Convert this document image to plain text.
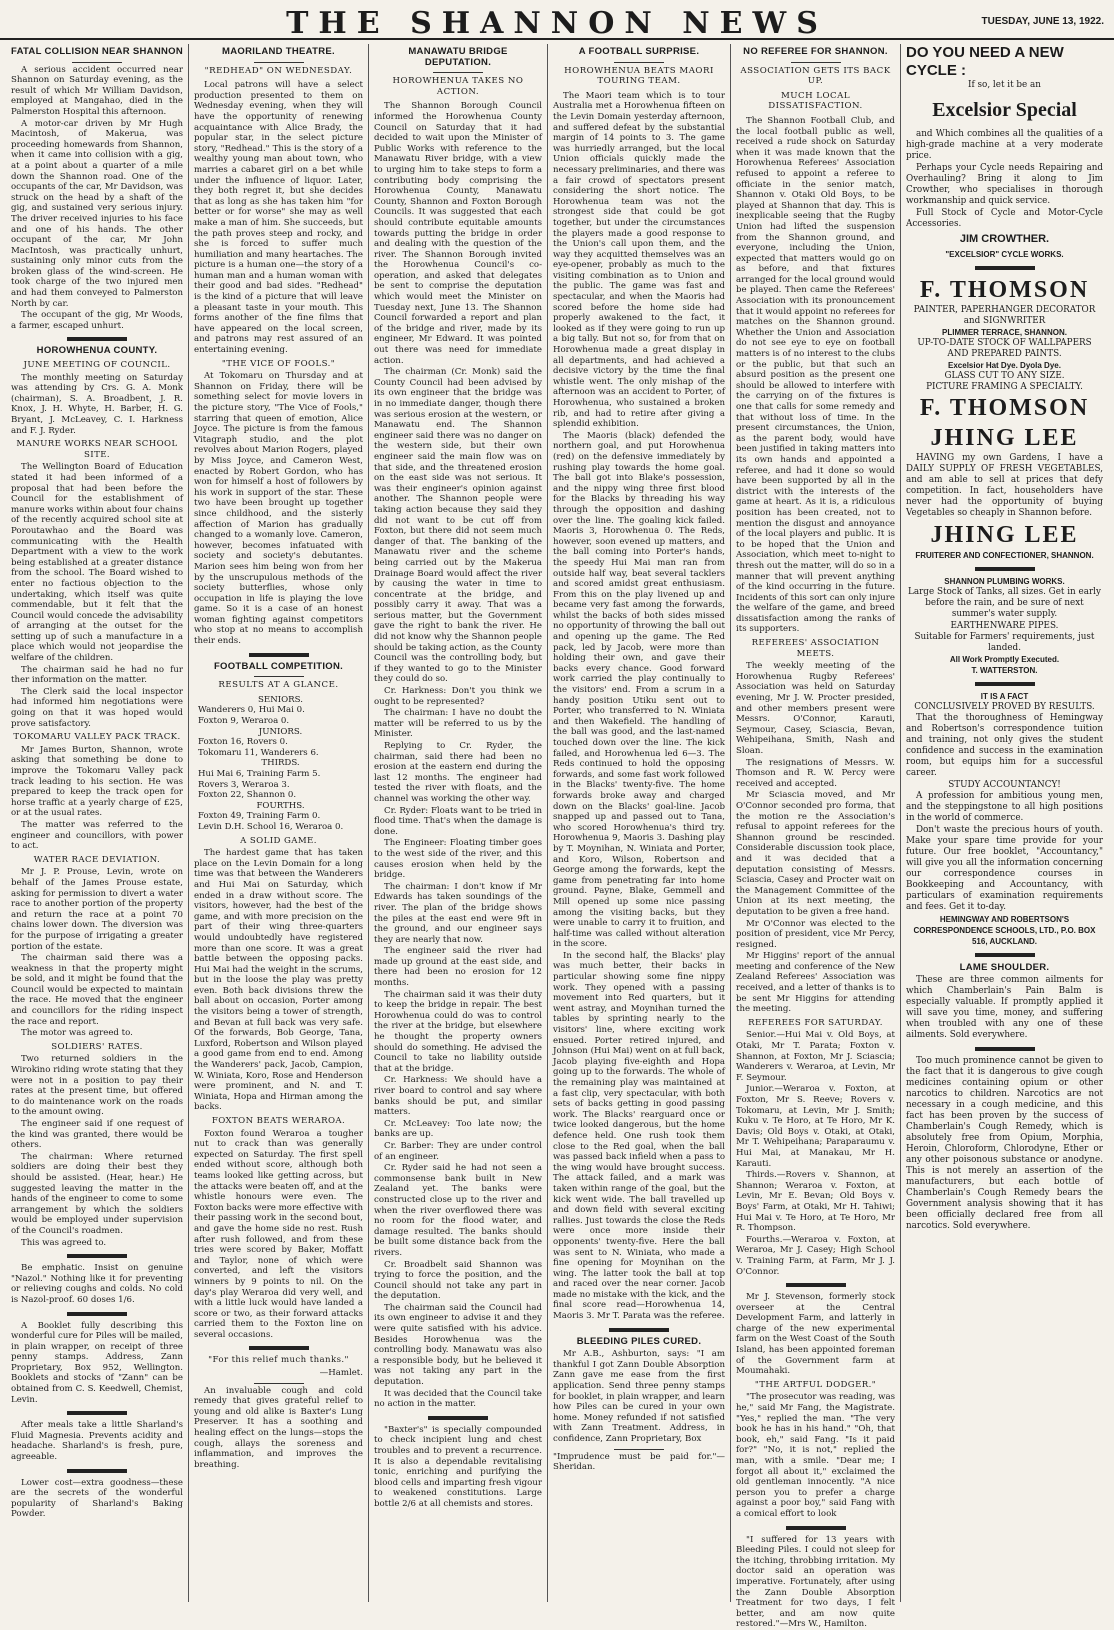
THE SHANNON NEWS	TUESDAY, JUNE 13, 1922.
FATAL COLLISION NEAR SHANNON

A serious accident occurred near Shannon on Saturday evening, as the result of which Mr William Davidson, employed at Mangahao, died in the Palmerston Hospital this afternoon.

A motor-car driven by Mr Hugh Macintosh, of Makerua, was proceeding homewards from Shannon, when it came into collision with a gig, at a point about a quarter of a mile down the Shannon road. One of the occupants of the car, Mr Davidson, was struck on the head by a shaft of the gig, and sustained very serious injury. The driver received injuries to his face and one of his hands. The other occupant of the car, Mr John MacIntosh, was practically unhurt, sustaining only minor cuts from the broken glass of the wind-screen. He took charge of the two injured men and had them conveyed to Palmerston North by car.

The occupant of the gig, Mr Woods, a farmer, escaped unhurt.

HOROWHENUA COUNTY.
JUNE MEETING OF COUNCIL.

The monthly meeting on Saturday was attending by Crs. G. A. Monk (chairman), S. A. Broadbent, J. R. Knox, J. H. Whyte, H. Barber, H. G. Bryant, J. McLeavey, C. I. Harkness and F. J. Ryder.

MANURE WORKS NEAR SCHOOL SITE.

The Wellington Board of Education stated it had been informed of a proposal that had been before the Council for the establishment of manure works within about four chains of the recently acquired school site at Poroutawhao and the Board was communicating with the Health Department with a view to the work being established at a greater distance from the school. The Board wished to enter no factious objection to the undertaking, which itself was quite commendable, but it felt that the Council would concede the advisability of arranging at the outset for the setting up of such a manufacture in a place which would not jeopardise the welfare of the children.

The chairman said he had no fur ther information on the matter.

The Clerk said the local inspector had informed him negotiations were going on that it was hoped would prove satisfactory.

TOKOMARU VALLEY PACK TRACK.

Mr James Burton, Shannon, wrote asking that something be done to improve the Tokomaru Valley pack track leading to his section. He was prepared to keep the track open for horse traffic at a yearly charge of £25, or at the usual rates.

The matter was referred to the engineer and councillors, with power to act.

WATER RACE DEVIATION.

Mr J. P. Prouse, Levin, wrote on behalf of the James Prouse estate, asking for permission to divert a water race to another portion of the property and return the race at a point 70 chains lower down. The diversion was for the purpose of irrigating a greater portion of the estate.

The chairman said there was a weakness in that the property might be sold, and it might be found that the Council would be expected to maintain the race. He moved that the engineer and councillors for the riding inspect the race and report.

The motor was agreed to.

SOLDIERS' RATES.

Two returned soldiers in the Wirokino riding wrote stating that they were not in a position to pay their rates at the present time, but offered to do maintenance work on the roads to the amount owing.

The engineer said if one request of the kind was granted, there would be others.

The chairman: Where returned soldiers are doing their best they should be assisted. (Hear, hear.) He suggested leaving the matter in the hands of the engineer to come to some arrangement by which the soldiers would be employed under supervision of the Council's roadmen.

This was agreed to.

Be emphatic. Insist on genuine "Nazol." Nothing like it for preventing or relieving coughs and colds. No cold is Nazol-proof. 60 doses 1/6.

A Booklet fully describing this wonderful cure for Piles will be mailed, in plain wrapper, on receipt of three penny stamps. Address, Zann Proprietary, Box 952, Wellington. Booklets and stocks of "Zann" can be obtained from C. S. Keedwell, Chemist, Levin.

After meals take a little Sharland's Fluid Magnesia. Prevents acidity and headache. Sharland's is fresh, pure, agreeable.

Lower cost—extra goodness—these are the secrets of the wonderful popularity of Sharland's Baking Powder.

MAORILAND THEATRE.
"REDHEAD" ON WEDNESDAY.

Local patrons will have a select production presented to them on Wednesday evening, when they will have the opportunity of renewing acquaintance with Alice Brady, the popular star, in the select picture story, "Redhead." This is the story of a wealthy young man about town, who marries a cabaret girl on a bet while under the influence of liquor. Later, they both regret it, but she decides that as long as she has taken him "for better or for worse" she may as well make a man of him. She succeeds, but the path proves steep and rocky, and she is forced to suffer much humiliation and many heartaches. The picture is a human one—the story of a human man and a human woman with their good and bad sides. "Redhead" is the kind of a picture that will leave a pleasant taste in your mouth. This forms another of the fine films that have appeared on the local screen, and patrons may rest assured of an entertaining evening.

"THE VICE OF FOOLS."

At Tokomaru on Thursday and at Shannon on Friday, there will be something select for movie lovers in the picture story, "The Vice of Fools," starring that queen of emotion, Alice Joyce. The picture is from the famous Vitagraph studio, and the plot revolves about Marion Rogers, played by Miss Joyce, and Cameron West, enacted by Robert Gordon, who has won for himself a host of followers by his work in support of the star. These two have been brought up together since childhood, and the sisterly affection of Marion has gradually changed to a womanly love. Cameron, however, becomes infatuated with society and society's debutantes. Marion sees him being won from her by the unscrupulous methods of the society butterflies, whose only occupation in life is playing the love game. So it is a case of an honest woman fighting against competitors who stop at no means to accomplish their ends.

FOOTBALL COMPETITION.
RESULTS AT A GLANCE.
SENIORS.
Wanderers 0, Hui Mai 0.
Foxton 9, Weraroa 0.
JUNIORS.
Foxton 16, Rovers 0.
Tokomaru 11, Wanderers 6.
THIRDS.
Hui Mai 6, Training Farm 5.
Rovers 3, Weraroa 3.
Foxton 22, Shannon 0.
FOURTHS.
Foxton 49, Training Farm 0.
Levin D.H. School 16, Weraroa 0.
A SOLID GAME.

The hardest game that has taken place on the Levin Domain for a long time was that between the Wanderers and Hui Mai on Saturday, which ended in a draw without score. The visitors, however, had the best of the game, and with more precision on the part of their wing three-quarters would undoubtedly have registered more than one score. It was a great battle between the opposing packs. Hui Mai had the weight in the scrums, but in the loose the play was pretty even. Both back divisions threw the ball about on occasion, Porter among the visitors being a tower of strength, and Bevan at full back was very safe. Of the forwards, Bob George, Tana, Luxford, Robertson and Wilson played a good game from end to end. Among the Wanderers' pack, Jacob, Campion, W. Winiata, Koro, Rose and Henderson were prominent, and N. and T. Winiata, Hopa and Hirman among the backs.

FOXTON BEATS WERAROA.

Foxton found Weraroa a tougher nut to crack than was generally expected on Saturday. The first spell ended without score, although both teams looked like getting across, but the attacks were beaten off, and at the whistle honours were even. The Foxton backs were more effective with their passing work in the second bout, and gave the home side no rest. Rush after rush followed, and from these tries were scored by Baker, Moffatt and Taylor, none of which were converted, and left the visitors winners by 9 points to nil. On the day's play Weraroa did very well, and with a little luck would have landed a score or two, as their forward attacks carried them to the Foxton line on several occasions.

"For this relief much thanks."
—Hamlet.

An invaluable cough and cold remedy that gives grateful relief to young and old alike is Baxter's Lung Preserver. It has a soothing and healing effect on the lungs—stops the cough, allays the soreness and inflammation, and improves the breathing.

MANAWATU BRIDGE DEPUTATION.
HOROWHENUA TAKES NO ACTION.

The Shannon Borough Council informed the Horowhenua County Council on Saturday that it had decided to wait upon the Minister of Public Works with reference to the Manawatu River bridge, with a view to urging him to take steps to form a contributing body comprising the Horowhenua County, Manawatu County, Shannon and Foxton Borough Councils. It was suggested that each should contribute equitable amounts towards putting the bridge in order and dealing with the question of the river. The Shannon Borough invited the Horowhenua Council's co-operation, and asked that delegates be sent to comprise the deputation which would meet the Minister on Tuesday next, June 13. The Shannon Council forwarded a report and plan of the bridge and river, made by its engineer, Mr Edward. It was pointed out there was need for immediate action.

The chairman (Cr. Monk) said the County Council had been advised by its own engineer that the bridge was in no immediate danger, though there was serious erosion at the western, or Manawatu end. The Shannon engineer said there was no danger on the western side, but their own engineer said the main flow was on that side, and the threatened erosion on the east side was not serious. It was their engineer's opinion against another. The Shannon people were taking action because they said they did not want to be cut off from Foxton, but there did not seem much danger of that. The banking of the Manawatu river and the scheme being carried out by the Makerua Drainage Board would affect the river by causing the water in time to concentrate at the bridge, and possibly carry it away. That was a serious matter, but the Government gave the right to bank the river. He did not know why the Shannon people should be taking action, as the County Council was the controlling body, but if they wanted to go to the Minister they could do so.

Cr. Harkness: Don't you think we ought to be represented?

The chairman: I have no doubt the matter will be referred to us by the Minister.

Replying to Cr. Ryder, the chairman, said there had been no erosion at the eastern end during the last 12 months. The engineer had tested the river with floats, and the channel was working the other way.

Cr. Ryder: Floats want to be tried in flood time. That's when the damage is done.

The Engineer: Floating timber goes to the west side of the river, and this causes erosion when held by the bridge.

The chairman: I don't know if Mr Edwards has taken soundings of the river. The plan of the bridge shows the piles at the east end were 9ft in the ground, and our engineer says they are nearly that now.

The engineer said the river had made up ground at the east side, and there had been no erosion for 12 months.

The chairman said it was their duty to keep the bridge in repair. The best Horowhenua could do was to control the river at the bridge, but elsewhere he thought the property owners should do something. He advised the Council to take no liability outside that at the bridge.

Cr. Harkness: We should have a river board to control and say where banks should be put, and similar matters.

Cr. McLeavey: Too late now; the banks are up.

Cr. Barber: They are under control of an engineer.

Cr. Ryder said he had not seen a commonsense bank built in New Zealand yet. The banks were constructed close up to the river and when the river overflowed there was no room for the flood water, and damage resulted. The banks should be built some distance back from the rivers.

Cr. Broadbelt said Shannon was trying to force the position, and the Council should not take any part in the deputation.

The chairman said the Council had its own engineer to advise it and they were quite satisfied with his advice. Besides Horowhenua was the controlling body. Manawatu was also a responsible body, but he believed it was not taking any part in the deputation.

It was decided that the Council take no action in the matter.

"Baxter's" is specially compounded to check incipient lung and chest troubles and to prevent a recurrence. It is also a dependable revitalising tonic, enriching and purifying the blood cells and imparting fresh vigour to weakened constitutions. Large bottle 2/6 at all chemists and stores.

A FOOTBALL SURPRISE.
HOROWHENUA BEATS MAORI TOURING TEAM.

The Maori team which is to tour Australia met a Horowhenua fifteen on the Levin Domain yesterday afternoon, and suffered defeat by the substantial margin of 14 points to 3. The game was hurriedly arranged, but the local Union officials quickly made the necessary preliminaries, and there was a fair crowd of spectators present considering the short notice. The Horowhenua team was not the strongest side that could be got together, but under the circumstances the players made a good response to the Union's call upon them, and the way they acquitted themselves was an eye-opener, probably as much to the visiting combination as to Union and the public. The game was fast and spectacular, and when the Maoris had scored before the home side had properly awakened to the fact, it looked as if they were going to run up a big tally. But not so, for from that on Horowhenua made a great display in all departments, and had achieved a decisive victory by the time the final whistle went. The only mishap of the afternoon was an accident to Porter, of Horowhenua, who sustained a broken rib, and had to retire after giving a splendid exhibition.

The Maoris (black) defended the northern goal, and put Horowhenua (red) on the defensive immediately by rushing play towards the home goal. The ball got into Blake's possession, and the nippy wing three first blood for the Blacks by threading his way through the opposition and dashing over the line. The goaling kick failed. Maoris 3, Horowhenua 0. The Reds, however, soon evened up matters, and the ball coming into Porter's hands, the speedy Hui Mai man ran from outside half way, beat several tacklers and scored amidst great enthusiasm. From this on the play livened up and became very fast among the forwards, whilst the backs of both sides missed no opportunity of throwing the ball out and opening up the game. The Red pack, led by Jacob, were more than holding their own, and gave their backs every chance. Good forward work carried the play continually to the visitors' end. From a scrum in a handy position Utiku sent out to Porter, who transferred to N. Winiata and then Wakefield. The handling of the ball was good, and the last-named touched down over the line. The kick failed, and Horowhenua led 6—3. The Reds continued to hold the opposing forwards, and some fast work followed in the Blacks' twenty-five. The home forwards broke away and charged down on the Blacks' goal-line. Jacob snapped up and passed out to Tana, who scored Horowhenua's third try. Horowhenua 9, Maoris 3. Dashing play by T. Moynihan, N. Winiata and Porter, and Koro, Wilson, Robertson and George among the forwards, kept the game from penetrating far into home ground. Payne, Blake, Gemmell and Mill opened up some nice passing among the visiting backs, but they were unable to carry it to fruition, and half-time was called without alteration in the score.

In the second half, the Blacks' play was much better, their backs in particular showing some fine nippy work. They opened with a passing movement into Red quarters, but it went astray, and Moynihan turned the tables by sprinting nearly to the visitors' line, where exciting work ensued. Porter retired injured, and Johnson (Hui Mai) went on at full back, Jacob playing five-eighth and Hopa going up to the forwards. The whole of the remaining play was maintained at a fast clip, very spectacular, with both sets of backs getting in good passing work. The Blacks' rearguard once or twice looked dangerous, but the home defence held. One rush took them close to the Red goal, when the ball was passed back infield when a pass to the wing would have brought success. The attack failed, and a mark was taken within range of the goal, but the kick went wide. The ball travelled up and down field with several exciting rallies. Just towards the close the Reds were once more inside their opponents' twenty-five. Here the ball was sent to N. Winiata, who made a fine opening for Moynihan on the wing. The latter took the ball at top and raced over the near corner. Jacob made no mistake with the kick, and the final score read—Horowhenua 14, Maoris 3. Mr T. Parata was the referee.

BLEEDING PILES CURED.

Mr A.B., Ashburton, says: "I am thankful I got Zann Double Absorption Zann gave me ease from the first application. Send three penny stamps for booklet, in plain wrapper, and learn how Piles can be cured in your own home. Money refunded if not satisfied with Zann Treatment. Address, in confidence, Zann Proprietary, Box

"Imprudence must be paid for."—Sheridan.

NO REFEREE FOR SHANNON.
ASSOCIATION GETS ITS BACK UP.
MUCH LOCAL DISSATISFACTION.

The Shannon Football Club, and the local football public as well, received a rude shock on Saturday when it was made known that the Horowhenua Referees' Association refused to appoint a referee to officiate in the senior match, Shannon v. Otaki Old Boys, to be played at Shannon that day. This is inexplicable seeing that the Rugby Union had lifted the suspension from the Shannon ground, and everyone, including the Union, expected that matters would go on as before, and that fixtures arranged for the local ground would be played. Then came the Referees' Association with its pronouncement that it would appoint no referees for matches on the Shannon ground. Whether the Union and Association do not see eye to eye on football matters is of no interest to the clubs or the public, but that such an absurd position as the present one should be allowed to interfere with the carrying on of the fixtures is one that calls for some remedy and that without loss of time. In the present circumstances, the Union, as the parent body, would have been justified in taking matters into its own hands and appointed a referee, and had it done so would have been supported by all in the district with the interests of the game at heart. As it is, a ridiculous position has been created, not to mention the disgust and annoyance of the local players and public. It is to be hoped that the Union and Association, which meet to-night to thresh out the matter, will do so in a manner that will prevent anything of the kind occurring in the future. Incidents of this sort can only injure the welfare of the game, and breed dissatisfaction among the ranks of its supporters.

REFEREES' ASSOCIATION MEETS.

The weekly meeting of the Horowhenua Rugby Referees' Association was held on Saturday evening, Mr J. W. Procter presided, and other members present were Messrs. O'Connor, Karauti, Seymour, Casey, Sciascia, Bevan, Wehipeihana, Smith, Nash and Sloan.

The resignations of Messrs. W. Thomson and R. W. Percy were received and accepted.

Mr Sciascia moved, and Mr O'Connor seconded pro forma, that the motion re the Association's refusal to appoint referees for the Shannon ground be rescinded. Considerable discussion took place, and it was decided that a deputation consisting of Messrs. Sciascia, Casey and Procter wait on the Management Committee of the Union at its next meeting, the deputation to be given a free hand.

Mr O'Connor was elected to the position of president, vice Mr Percy, resigned.

Mr Higgins' report of the annual meeting and conference of the New Zealand Referees' Association was received, and a letter of thanks is to be sent Mr Higgins for attending the meeting.

REFEREES FOR SATURDAY.

Senior.—Hui Mai v. Old Boys, at Otaki, Mr T. Parata; Foxton v. Shannon, at Foxton, Mr J. Sciascia; Wanderers v. Weraroa, at Levin, Mr F. Seymour.

Junior.—Weraroa v. Foxton, at Foxton, Mr S. Reeve; Rovers v. Tokomaru, at Levin, Mr J. Smith; Kuku v. Te Horo, at Te Horo, Mr K. Davis; Old Boys v. Otaki, at Otaki, Mr T. Wehipeihana; Paraparaumu v. Hui Mai, at Manakau, Mr H. Karauti.

Thirds.—Rovers v. Shannon, at Shannon; Weraroa v. Foxton, at Levin, Mr E. Bevan; Old Boys v. Boys' Farm, at Otaki, Mr H. Tahiwi; Hui Mai v. Te Horo, at Te Horo, Mr R. Thompson.

Fourths.—Weraroa v. Foxton, at Weraroa, Mr J. Casey; High School v. Training Farm, at Farm, Mr J. J. O'Connor.

Mr J. Stevenson, formerly stock overseer at the Central Development Farm, and latterly in charge of the new experimental farm on the West Coast of the South Island, has been appointed foreman of the Government farm at Moumahaki.

"THE ARTFUL DODGER."

"The prosecutor was reading, was he," said Mr Fang, the Magistrate. "Yes," replied the man. "The very book he has in his hand." "Oh, that book, eh," said Fang. "Is it paid for?" "No, it is not," replied the man, with a smile. "Dear me; I forgot all about it," exclaimed the old gentleman innocently. "A nice person you to prefer a charge against a poor boy," said Fang with a comical effort to look

"I suffered for 13 years with Bleeding Piles. I could not sleep for the itching, throbbing irritation. My doctor said an operation was imperative. Fortunately, after using the Zann Double Absorption Treatment for two days, I felt better, and am now quite restored."—Mrs W., Hamilton.

DO YOU NEED A NEW CYCLE :
If so, let it be an
Excelsior Special

and Which combines all the qualities of a high-grade machine at a very moderate price.

Perhaps your Cycle needs Repairing and Overhauling? Bring it along to Jim Crowther, who specialises in thorough workmanship and quick service.

Full Stock of Cycle and Motor-Cycle Accessories.

JIM CROWTHER.
"EXCELSIOR" CYCLE WORKS.
F. THOMSON
PAINTER, PAPERHANGER DECORATOR and SIGNWRITER
PLIMMER TERRACE, SHANNON.
UP-TO-DATE STOCK OF WALLPAPERS AND PREPARED PAINTS.
Excelsior Hat Dye. Dyola Dye.
GLASS CUT TO ANY SIZE.
PICTURE FRAMING A SPECIALTY.
F. THOMSON
JHING LEE

HAVING my own Gardens, I have a DAILY SUPPLY OF FRESH VEGETABLES, and am able to sell at prices that defy competition. In fact, householders have never had the opportunity of buying Vegetables so cheaply in Shannon before.

JHING LEE
FRUITERER AND CONFECTIONER, SHANNON.
SHANNON PLUMBING WORKS.

Large Stock of Tanks, all sizes. Get in early before the rain, and be sure of next summer's water supply.

EARTHENWARE PIPES.
Suitable for Farmers' requirements, just landed.
All Work Promptly Executed.
T. WATTERSTON.
IT IS A FACT
CONCLUSIVELY PROVED BY RESULTS.

That the thoroughness of Hemingway and Robertson's correspondence tuition and training, not only gives the student confidence and success in the examination room, but equips him for a successful career.

STUDY ACCOUNTANCY!

A profession for ambitious young men, and the steppingstone to all high positions in the world of commerce.

Don't waste the precious hours of youth. Make your spare time provide for your future. Our free booklet, "Accountancy," will give you all the information concerning our correspondence courses in Bookkeeping and Accountancy, with particulars of examination requirements and fees. Get it to-day.

HEMINGWAY AND ROBERTSON'S CORRESPONDENCE SCHOOLS, LTD., P.O. BOX 516, AUCKLAND.
LAME SHOULDER.

These are three common ailments for which Chamberlain's Pain Balm is especially valuable. If promptly applied it will save you time, money, and suffering when troubled with any one of these ailments. Sold everywhere.

Too much prominence cannot be given to the fact that it is dangerous to give cough medicines containing opium or other narcotics to children. Narcotics are not necessary in a cough medicine, and this fact has been proven by the success of Chamberlain's Cough Remedy, which is absolutely free from Opium, Morphia, Heroin, Chloroform, Chlorodyne, Ether or any other poisonous substance or anodyne. This is not merely an assertion of the manufacturers, but each bottle of Chamberlain's Cough Remedy bears the Government analysis showing that it has been officially declared free from all narcotics. Sold everywhere.
